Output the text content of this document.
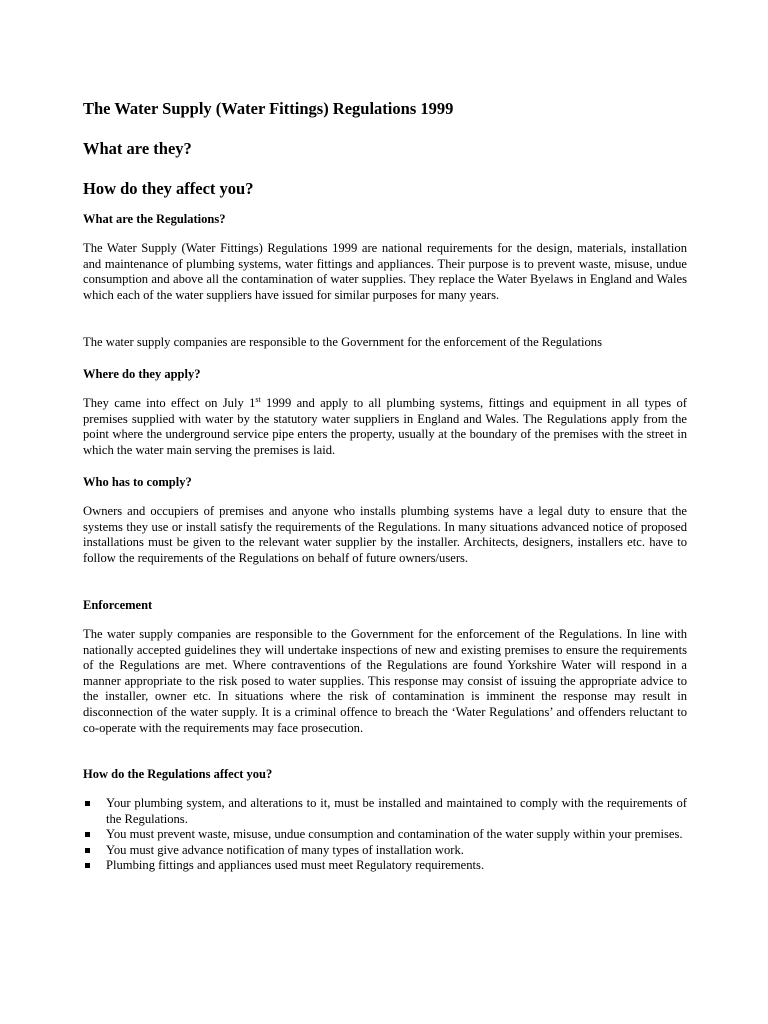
The Water Supply (Water Fittings) Regulations 1999
What are they?
How do they affect you?
What are the Regulations?

The Water Supply (Water Fittings) Regulations 1999 are national requirements for the design, materials, installation and maintenance of plumbing systems, water fittings and appliances. Their purpose is to prevent waste, misuse, undue consumption and above all the contamination of water supplies. They replace the Water Byelaws in England and Wales which each of the water suppliers have issued for similar purposes for many years.

The water supply companies are responsible to the Government for the enforcement of the Regulations

Where do they apply?

They came into effect on July 1st 1999 and apply to all plumbing systems, fittings and equipment in all types of premises supplied with water by the statutory water suppliers in England and Wales. The Regulations apply from the point where the underground service pipe enters the property, usually at the boundary of the premises with the street in which the water main serving the premises is laid.

Who has to comply?

Owners and occupiers of premises and anyone who installs plumbing systems have a legal duty to ensure that the systems they use or install satisfy the requirements of the Regulations. In many situations advanced notice of proposed installations must be given to the relevant water supplier by the installer. Architects, designers, installers etc. have to follow the requirements of the Regulations on behalf of future owners/users.

Enforcement

The water supply companies are responsible to the Government for the enforcement of the Regulations. In line with nationally accepted guidelines they will undertake inspections of new and existing premises to ensure the requirements of the Regulations are met. Where contraventions of the Regulations are found Yorkshire Water will respond in a manner appropriate to the risk posed to water supplies. This response may consist of issuing the appropriate advice to the installer, owner etc. In situations where the risk of contamination is imminent the response may result in disconnection of the water supply. It is a criminal offence to breach the ‘Water Regulations’ and offenders reluctant to co-operate with the requirements may face prosecution.

How do the Regulations affect you?
Your plumbing system, and alterations to it, must be installed and maintained to comply with the requirements of the Regulations.
You must prevent waste, misuse, undue consumption and contamination of the water supply within your premises.
You must give advance notification of many types of installation work.
Plumbing fittings and appliances used must meet Regulatory requirements.
